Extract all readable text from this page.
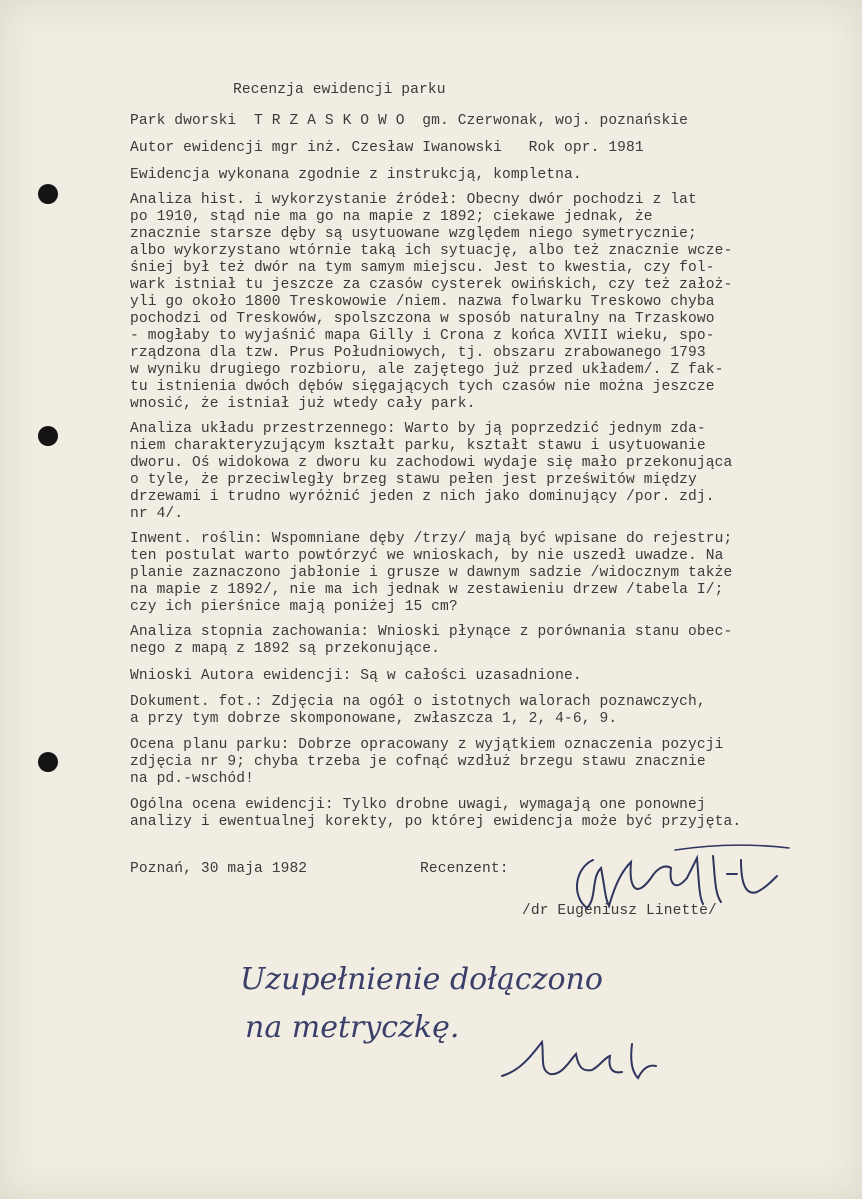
Recenzja ewidencji parku
Park dworski  T R Z A S K O W O  gm. Czerwonak, woj. poznańskie
Autor ewidencji mgr inż. Czesław Iwanowski   Rok opr. 1981
Ewidencja wykonana zgodnie z instrukcją, kompletna.
Analiza hist. i wykorzystanie źródeł: Obecny dwór pochodzi z lat
po 1910, stąd nie ma go na mapie z 1892; ciekawe jednak, że
znacznie starsze dęby są usytuowane względem niego symetrycznie;
albo wykorzystano wtórnie taką ich sytuację, albo też znacznie wcze-
śniej był też dwór na tym samym miejscu. Jest to kwestia, czy fol-
wark istniał tu jeszcze za czasów cysterek owińskich, czy też założ-
yli go około 1800 Treskowowie /niem. nazwa folwarku Treskowo chyba
pochodzi od Treskowów, spolszczona w sposób naturalny na Trzaskowo
- mogłaby to wyjaśnić mapa Gilly i Crona z końca XVIII wieku, spo-
rządzona dla tzw. Prus Południowych, tj. obszaru zrabowanego 1793
w wyniku drugiego rozbioru, ale zajętego już przed układem/. Z fak-
tu istnienia dwóch dębów sięgających tych czasów nie można jeszcze
wnosić, że istniał już wtedy cały park.
Analiza układu przestrzennego: Warto by ją poprzedzić jednym zda-
niem charakteryzującym kształt parku, kształt stawu i usytuowanie
dworu. Oś widokowa z dworu ku zachodowi wydaje się mało przekonująca
o tyle, że przeciwległy brzeg stawu pełen jest prześwitów między
drzewami i trudno wyróżnić jeden z nich jako dominujący /por. zdj.
nr 4/.
Inwent. roślin: Wspomniane dęby /trzy/ mają być wpisane do rejestru;
ten postulat warto powtórzyć we wnioskach, by nie uszedł uwadze. Na
planie zaznaczono jabłonie i grusze w dawnym sadzie /widocznym także
na mapie z 1892/, nie ma ich jednak w zestawieniu drzew /tabela I/;
czy ich pierśnice mają poniżej 15 cm?
Analiza stopnia zachowania: Wnioski płynące z porównania stanu obec-
nego z mapą z 1892 są przekonujące.
Wnioski Autora ewidencji: Są w całości uzasadnione.
Dokument. fot.: Zdjęcia na ogół o istotnych walorach poznawczych,
a przy tym dobrze skomponowane, zwłaszcza 1, 2, 4-6, 9.
Ocena planu parku: Dobrze opracowany z wyjątkiem oznaczenia pozycji
zdjęcia nr 9; chyba trzeba je cofnąć wzdłuż brzegu stawu znacznie
na pd.-wschód!
Ogólna ocena ewidencji: Tylko drobne uwagi, wymagają one ponownej
analizy i ewentualnej korekty, po której ewidencja może być przyjęta.
Poznań, 30 maja 1982	Recenzent:
/dr Eugeniusz Linette/
Uzupełnienie dołączono
na metryczkę.
